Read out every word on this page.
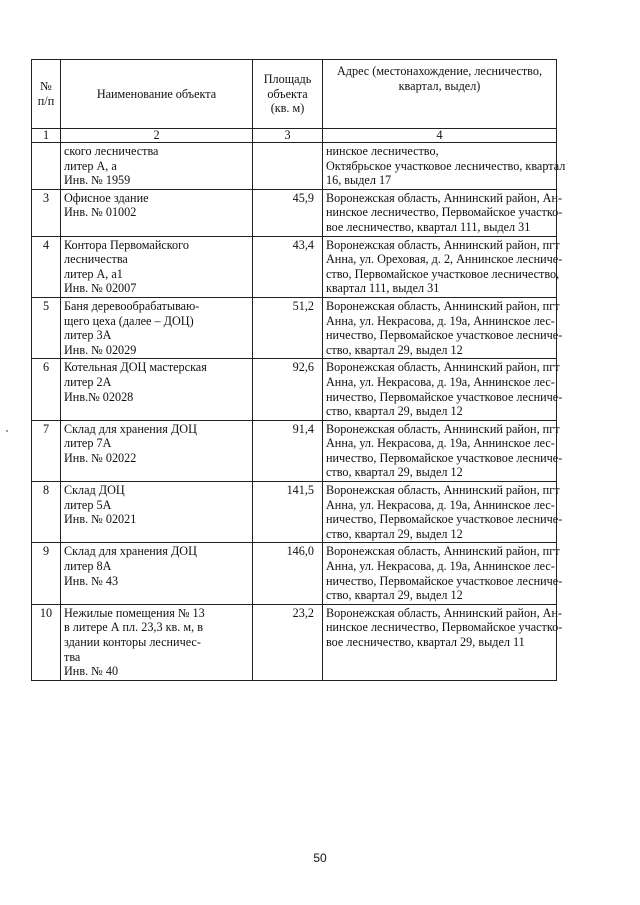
№
п/п	Наименование объекта	Площадь
объекта
(кв. м)	Адрес (местонахождение, лесничество,
квартал, выдел)

1	2	3	4

	ского лесничества
литер А, а
Инв. № 1959		нинское лесничество,
Октябрьское участковое лесничество, квартал
16, выдел 17

3	Офисное здание
Инв. № 01002	45,9	Воронежская область, Аннинский район, Ан-
нинское лесничество, Первомайское участко-
вое лесничество, квартал 111, выдел 31

4	Контора Первомайского
лесничества
литер А, а1
Инв. № 02007	43,4	Воронежская область, Аннинский район, пгт
Анна, ул. Ореховая, д. 2, Аннинское лесниче-
ство, Первомайское участковое лесничество,
квартал 111, выдел 31

5	Баня деревообрабатываю-
щего цеха (далее – ДОЦ)
литер 3А
Инв. № 02029	51,2	Воронежская область, Аннинский район, пгт
Анна, ул. Некрасова, д. 19а, Аннинское лес-
ничество, Первомайское участковое лесниче-
ство, квартал 29, выдел 12

6	Котельная ДОЦ мастерская
литер 2А
Инв.№ 02028	92,6	Воронежская область, Аннинский район, пгт
Анна, ул. Некрасова, д. 19а, Аннинское лес-
ничество, Первомайское участковое лесниче-
ство, квартал 29, выдел 12

7	Склад для хранения ДОЦ
литер 7А
Инв. № 02022	91,4	Воронежская область, Аннинский район, пгт
Анна, ул. Некрасова, д. 19а, Аннинское лес-
ничество, Первомайское участковое лесниче-
ство, квартал 29, выдел 12

8	Склад ДОЦ
литер 5А
Инв. № 02021	141,5	Воронежская область, Аннинский район, пгт
Анна, ул. Некрасова, д. 19а, Аннинское лес-
ничество, Первомайское участковое лесниче-
ство, квартал 29, выдел 12

9	Склад для хранения ДОЦ
литер 8А
Инв. № 43	146,0	Воронежская область, Аннинский район, пгт
Анна, ул. Некрасова, д. 19а, Аннинское лес-
ничество, Первомайское участковое лесниче-
ство, квартал 29, выдел 12

10	Нежилые помещения № 13
в литере А пл. 23,3 кв. м, в
здании конторы лесничес-
тва
Инв. № 40	23,2	Воронежская область, Аннинский район, Ан-
нинское лесничество, Первомайское участко-
вое лесничество, квартал 29, выдел 11
50
